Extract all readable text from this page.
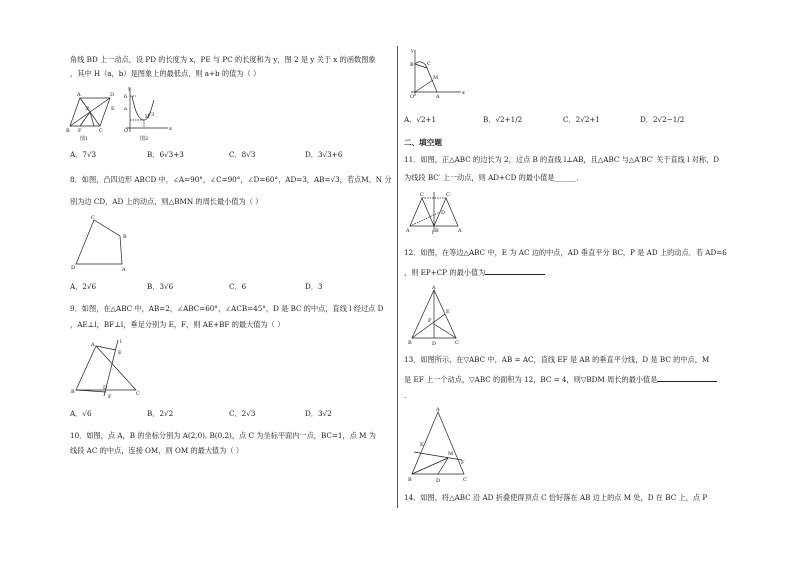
角线 BD 上一动点，设 PD 的长度为 x，PE 与 PC 的长度和为 y，图 2 是 y 关于 x 的函数图象
，其中 H（a，b）是图象上的最低点，则 a+b 的值为（ ）
A	D
E
P
B	C
F
图1
y
6
a
H
O	x
√3
图2
A．7√3	B．6√3+3	C．8√3	D．3√3+6
8．如图，凸四边形 ABCD 中，∠A=90°，∠C=90°，∠D=60°，AD=3，AB=√3，若点M、N 分
别为边 CD，AD 上的动点，则△BMN 的周长最小值为（ ）
C
B
D	A
A．2√6	B．3√6	C．6	D．3
9．如图，在△ABC 中，AB=2，∠ABC=60°，∠ACB=45°，D 是 BC 的中点，直线 l 经过点 D
，AE⊥l，BF⊥l，垂足分别为 E，F，则 AE+BF 的最大值为（ ）
l
A
E
B
D
C
F
A．√6	B．2√2	C．2√3	D．3√2
10．如图，点 A，B 的坐标分别为 A(2,0), B(0,2)，点 C 为坐标平面内一点，BC=1，点 M 为
线段 AC 的中点，连接 OM，则 OM 的最大值为（ ）
y
B	C
M
O	A
x
A．√2+1	B．√2+1/2	C．2√2+1	D．2√2−1/2
二、填空题
11．如图，正△ABC 的边长为 2，过点 B 的直线 l⊥AB，且△ABC 与△A′BC′ 关于直线 l 对称，D
为线段 BC′ 上一动点，则 AD+CD 的最小值是______．
C	C′
A	B	A′
D
l
12．如图，在等边△ABC 中，E 为 AC 边的中点，AD 垂直平分 BC，P 是 AD 上的动点．若 AD=6
，则 EP+CP 的最小值为
A
E
P
B	D	C
13．如图所示，在▽ABC 中，AB = AC，直线 EF 是 AB 的垂直平分线，D 是 BC 的中点，M
是 EF 上一个动点，▽ABC 的面积为 12，BC = 4，则▽BDM 周长的最小值是
.
A
E
M
F
B	D	C
14．如图，将△ABC 沿 AD 折叠使得顶点 C 恰好落在 AB 边上的点 M 处，D 在 BC 上，点 P
